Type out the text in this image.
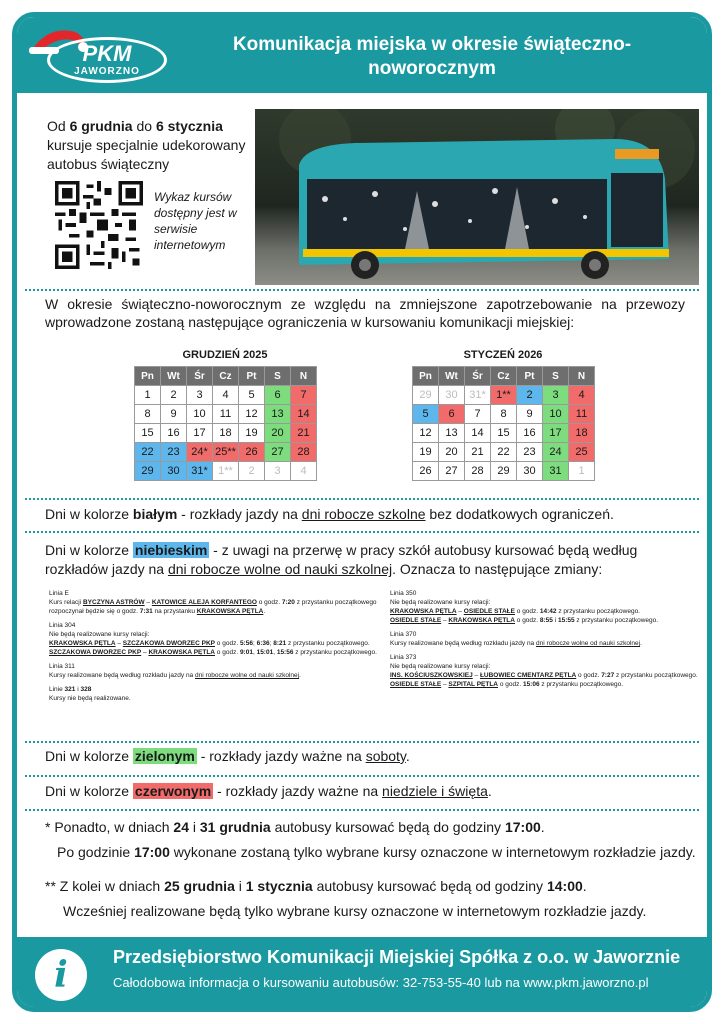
PKM
JAWORZNO
Komunikacja miejska w okresie świąteczno-noworocznym
Od 6 grudnia do 6 stycznia kursuje specjalnie udekorowany autobus świąteczny
Wykaz kursów dostępny jest w serwisie internetowym
W okresie świąteczno-noworocznym ze względu na zmniejszone zapotrzebowanie na przewozy wprowadzone zostaną następujące ograniczenia w kursowaniu komunikacji miejskiej:
GRUDZIEŃ 2025
Pn	Wt	Śr	Cz	Pt	S	N
1	2	3	4	5	6	7
8	9	10	11	12	13	14
15	16	17	18	19	20	21
22	23	24*	25**	26	27	28
29	30	31*	1**	2	3	4
STYCZEŃ 2026
Pn	Wt	Śr	Cz	Pt	S	N
29	30	31*	1**	2	3	4
5	6	7	8	9	10	11
12	13	14	15	16	17	18
19	20	21	22	23	24	25
26	27	28	29	30	31	1
Dni w kolorze białym - rozkłady jazdy na dni robocze szkolne bez dodatkowych ograniczeń.
Dni w kolorze niebieskim - z uwagi na przerwę w pracy szkół autobusy kursować będą według rozkładów jazdy na dni robocze wolne od nauki szkolnej. Oznacza to następujące zmiany:
Linia E
Kurs relacji BYCZYNA ASTRÓW – KATOWICE ALEJA KORFANTEGO o godz. 7:20 z przystanku początkowego rozpoczynał będzie się o godz. 7:31 na przystanku KRAKOWSKA PĘTLA.
Linia 304
Nie będą realizowane kursy relacji:
KRAKOWSKA PĘTLA – SZCZAKOWA DWORZEC PKP o godz. 5:56; 6:36; 8:21 z przystanku początkowego.
SZCZAKOWA DWORZEC PKP – KRAKOWSKA PĘTLA o godz. 9:01, 15:01, 15:56 z przystanku początkowego.
Linia 311
Kursy realizowane będą według rozkładu jazdy na dni robocze wolne od nauki szkolnej.
Linie 321 i 328
Kursy nie będą realizowane.
Linia 350
Nie będą realizowane kursy relacji:
KRAKOWSKA PĘTLA – OSIEDLE STAŁE o godz. 14:42 z przystanku początkowego.
OSIEDLE STAŁE – KRAKOWSKA PĘTLA o godz. 8:55 i 15:55 z przystanku początkowego.
Linia 370
Kursy realizowane będą według rozkładu jazdy na dni robocze wolne od nauki szkolnej.
Linia 373
Nie będą realizowane kursy relacji:
INS. KOŚCIUSZKOWSKIEJ – ŁUBOWIEC CMENTARZ PĘTLA o godz. 7:27 z przystanku początkowego.
OSIEDLE STAŁE – SZPITAL PĘTLA o godz. 15:06 z przystanku początkowego.
Dni w kolorze zielonym - rozkłady jazdy ważne na soboty.
Dni w kolorze czerwonym - rozkłady jazdy ważne na niedziele i święta.
* Ponadto, w dniach 24 i 31 grudnia autobusy kursować będą do godziny 17:00.
Po godzinie 17:00 wykonane zostaną tylko wybrane kursy oznaczone w internetowym rozkładzie jazdy.
** Z kolei w dniach 25 grudnia i 1 stycznia autobusy kursować będą od godziny 14:00.
Wcześniej realizowane będą tylko wybrane kursy oznaczone w internetowym rozkładzie jazdy.
i	Przedsiębiorstwo Komunikacji Miejskiej Spółka z o.o. w Jaworznie
Całodobowa informacja o kursowaniu autobusów: 32-753-55-40 lub na www.pkm.jaworzno.pl
